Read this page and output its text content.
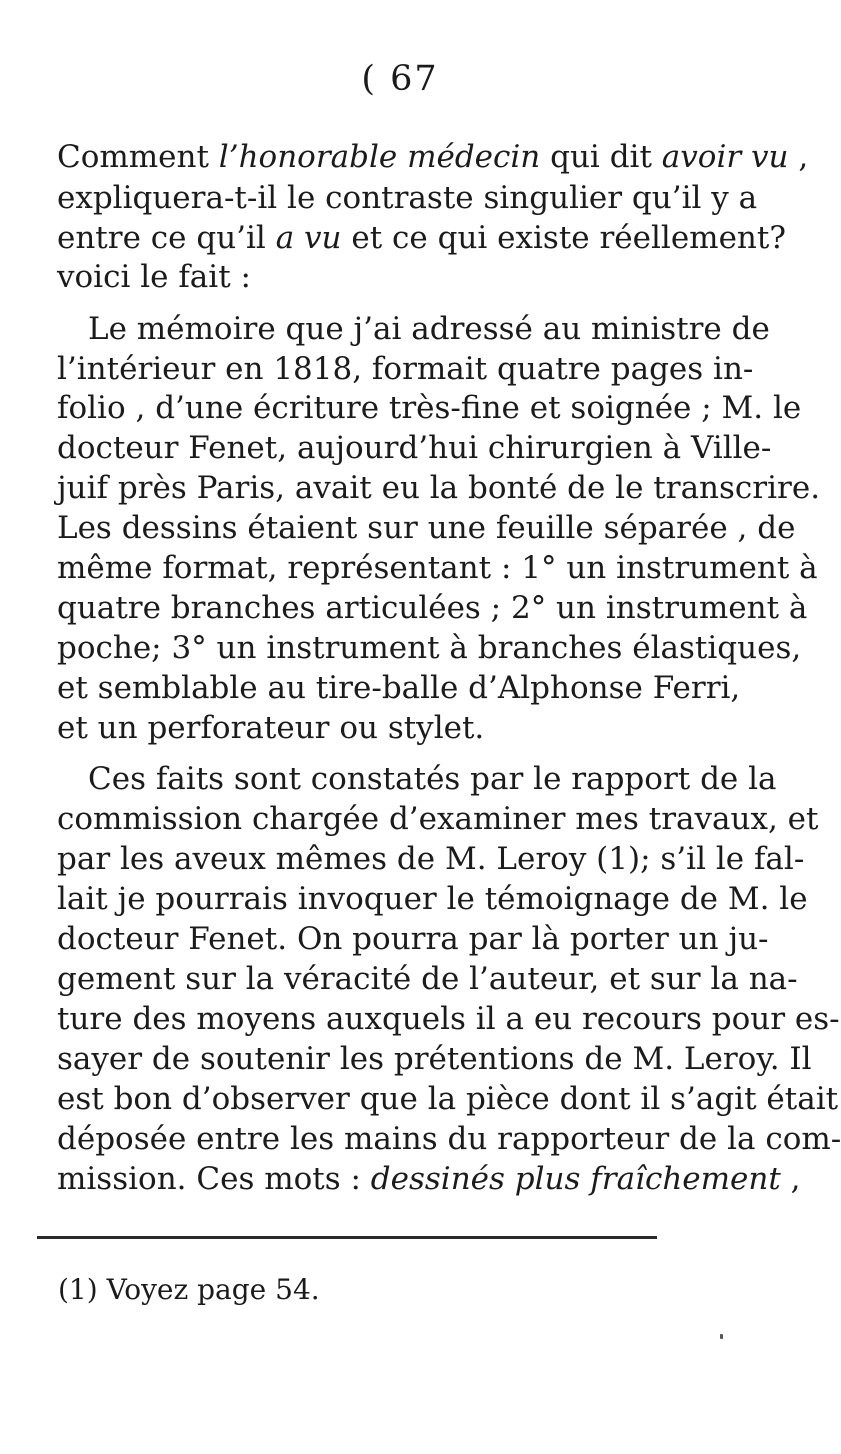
( 67
Comment l’honorable médecin qui dit avoir vu ,
expliquera-t-il le contraste singulier qu’il y a
entre ce qu’il a vu et ce qui existe réellement?
voici le fait :
Le mémoire que j’ai adressé au ministre de
l’intérieur en 1818, formait quatre pages in-
folio , d’une écriture très-fine et soignée ; M. le
docteur Fenet, aujourd’hui chirurgien à Ville-
juif près Paris, avait eu la bonté de le transcrire.
Les dessins étaient sur une feuille séparée , de
même format, représentant : 1° un instrument à
quatre branches articulées ; 2° un instrument à
poche; 3° un instrument à branches élastiques,
et semblable au tire-balle d’Alphonse Ferri,
et un perforateur ou stylet.
Ces faits sont constatés par le rapport de la
commission chargée d’examiner mes travaux, et
par les aveux mêmes de M. Leroy (1); s’il le fal-
lait je pourrais invoquer le témoignage de M. le
docteur Fenet. On pourra par là porter un ju-
gement sur la véracité de l’auteur, et sur la na-
ture des moyens auxquels il a eu recours pour es-
sayer de soutenir les prétentions de M. Leroy. Il
est bon d’observer que la pièce dont il s’agit était
déposée entre les mains du rapporteur de la com-
mission. Ces mots : dessinés plus fraîchement ,
(1) Voyez page 54.
